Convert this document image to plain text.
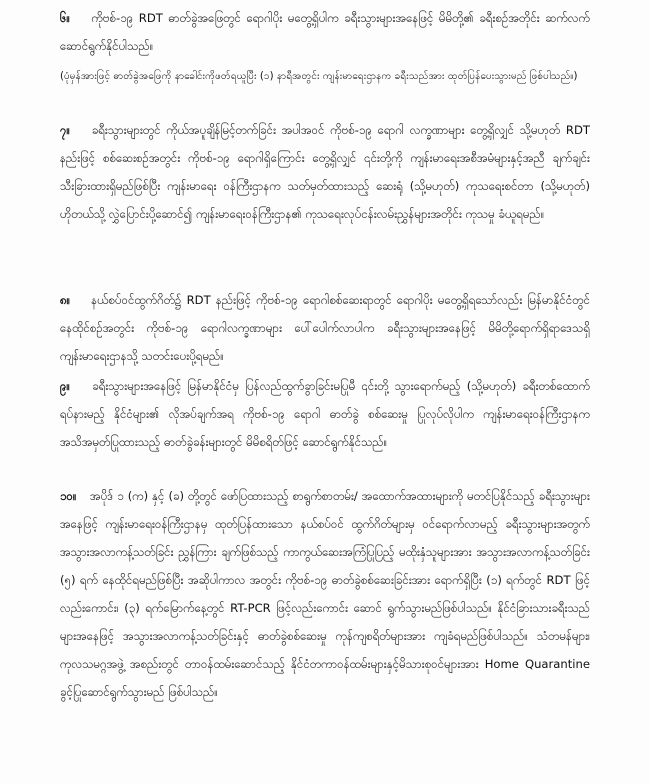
၆။ ကိုဗစ်-၁၉ RDT ဓာတ်ခွဲအဖြေတွင် ရောဂါပိုး မတွေ့ရှိပါက ခရီးသွားများအနေဖြင့် မိမိတို့၏ ခရီးစဉ်အတိုင်း ဆက်လက်ဆောင်ရွက်နိုင်ပါသည်။

(ပုံမှန်အားဖြင့် ဓာတ်ခွဲအဖြေကို နာခေါင်းကိုဖတ်ရယူပြီး (၁) နာရီအတွင်း ကျန်းမာရေးဌာနက ခရီးသည်အား ထုတ်ပြန်ပေးသွားမည် ဖြစ်ပါသည်။)

၇။ ခရီးသွားများတွင် ကိုယ်အပူချိန်မြင့်တက်ခြင်း အပါအဝင် ကိုဗစ်-၁၉ ရောဂါ လက္ခဏာများ တွေ့ရှိလျှင် သို့မဟုတ် RDT နည်းဖြင့် စစ်ဆေးစဉ်အတွင်း ကိုဗစ်-၁၉ ရောဂါရှိကြောင်း တွေ့ရှိလျှင် ၎င်းတို့ကို ကျန်းမာရေးအစီအမံများနှင့်အညီ ချက်ချင်းသီးခြားထားရှိမည်ဖြစ်ပြီး ကျန်းမာရေး ဝန်ကြီးဌာနက သတ်မှတ်ထားသည့် ဆေးရုံ (သို့မဟုတ်) ကုသရေးစင်တာ (သို့မဟုတ်) ဟိုတယ်သို့ လွှဲပြောင်းပို့ဆောင်၍ ကျန်းမာရေးဝန်ကြီးဌာန၏ ကုသရေးလုပ်ငန်းလမ်းညွှန်များအတိုင်း ကုသမှု ခံယူရမည်။

၈။ နယ်စပ်ဝင်ထွက်ဂိတ်၌ RDT နည်းဖြင့် ကိုဗစ်-၁၉ ရောဂါစစ်ဆေးရာတွင် ရောဂါပိုး မတွေ့ရှိရသော်လည်း မြန်မာနိုင်ငံတွင် နေထိုင်စဉ်အတွင်း ကိုဗစ်-၁၉ ရောဂါလက္ခဏာများ ပေါ်ပေါက်လာပါက ခရီးသွားများအနေဖြင့် မိမိတို့ရောက်ရှိရာဒေသရှိ ကျန်းမာရေးဌာနသို့ သတင်းပေးပို့ရမည်။

၉။ ခရီးသွားများအနေဖြင့် မြန်မာနိုင်ငံမှ ပြန်လည်ထွက်ခွာခြင်းမပြုမီ ၎င်းတို့ သွားရောက်မည့် (သို့မဟုတ်) ခရီးတစ်ထောက်ရပ်နားမည့် နိုင်ငံများ၏ လိုအပ်ချက်အရ ကိုဗစ်-၁၉ ရောဂါ ဓာတ်ခွဲ စစ်ဆေးမှု ပြုလုပ်လိုပါက ကျန်းမာရေးဝန်ကြီးဌာနက အသိအမှတ်ပြုထားသည့် ဓာတ်ခွဲခန်းများတွင် မိမိစရိတ်ဖြင့် ဆောင်ရွက်နိုင်သည်။

၁၀။ အပိုဒ် ၁ (က) နှင့် (ခ) တို့တွင် ဖော်ပြထားသည့် စာရွက်စာတမ်း/ အထောက်အထားများကို မတင်ပြနိုင်သည့် ခရီးသွားများအနေဖြင့် ကျန်းမာရေးဝန်ကြီးဌာနမှ ထုတ်ပြန်ထားသော နယ်စပ်ဝင် ထွက်ဂိတ်များမှ ဝင်ရောက်လာမည့် ခရီးသွားများအတွက် အသွားအလာကန့်သတ်ခြင်း ညွှန်ကြား ချက်ဖြစ်သည့် ကာကွယ်ဆေးအကြံပြုပြည့် မထိုးနှံသူများအား အသွားအလာကန့်သတ်ခြင်း (၅) ရက် နေထိုင်ရမည်ဖြစ်ပြီး အဆိုပါကာလ အတွင်း ကိုဗစ်-၁၉ ဓာတ်ခွဲစစ်ဆေးခြင်းအား ရောက်ရှိပြီး (၁) ရက်တွင် RDT ဖြင့် လည်းကောင်း၊ (၃) ရက်မြောက်နေ့တွင် RT-PCR ဖြင့်လည်းကောင်း ဆောင် ရွက်သွားမည်ဖြစ်ပါသည်။ နိုင်ငံခြားသားခရီးသည်များအနေဖြင့် အသွားအလာကန့်သတ်ခြင်းနှင့် ဓာတ်ခွဲစစ်ဆေးမှု ကုန်ကျစရိတ်များအား ကျခံရမည်ဖြစ်ပါသည်။ သံတမန်များ၊ ကုလသမဂ္ဂအဖွဲ့ အစည်းတွင် တာဝန်ထမ်းဆောင်သည့် နိုင်ငံတကာဝန်ထမ်းများနှင့်မိသားစုဝင်များအား Home Quarantine ခွင့်ပြုဆောင်ရွက်သွားမည် ဖြစ်ပါသည်။
